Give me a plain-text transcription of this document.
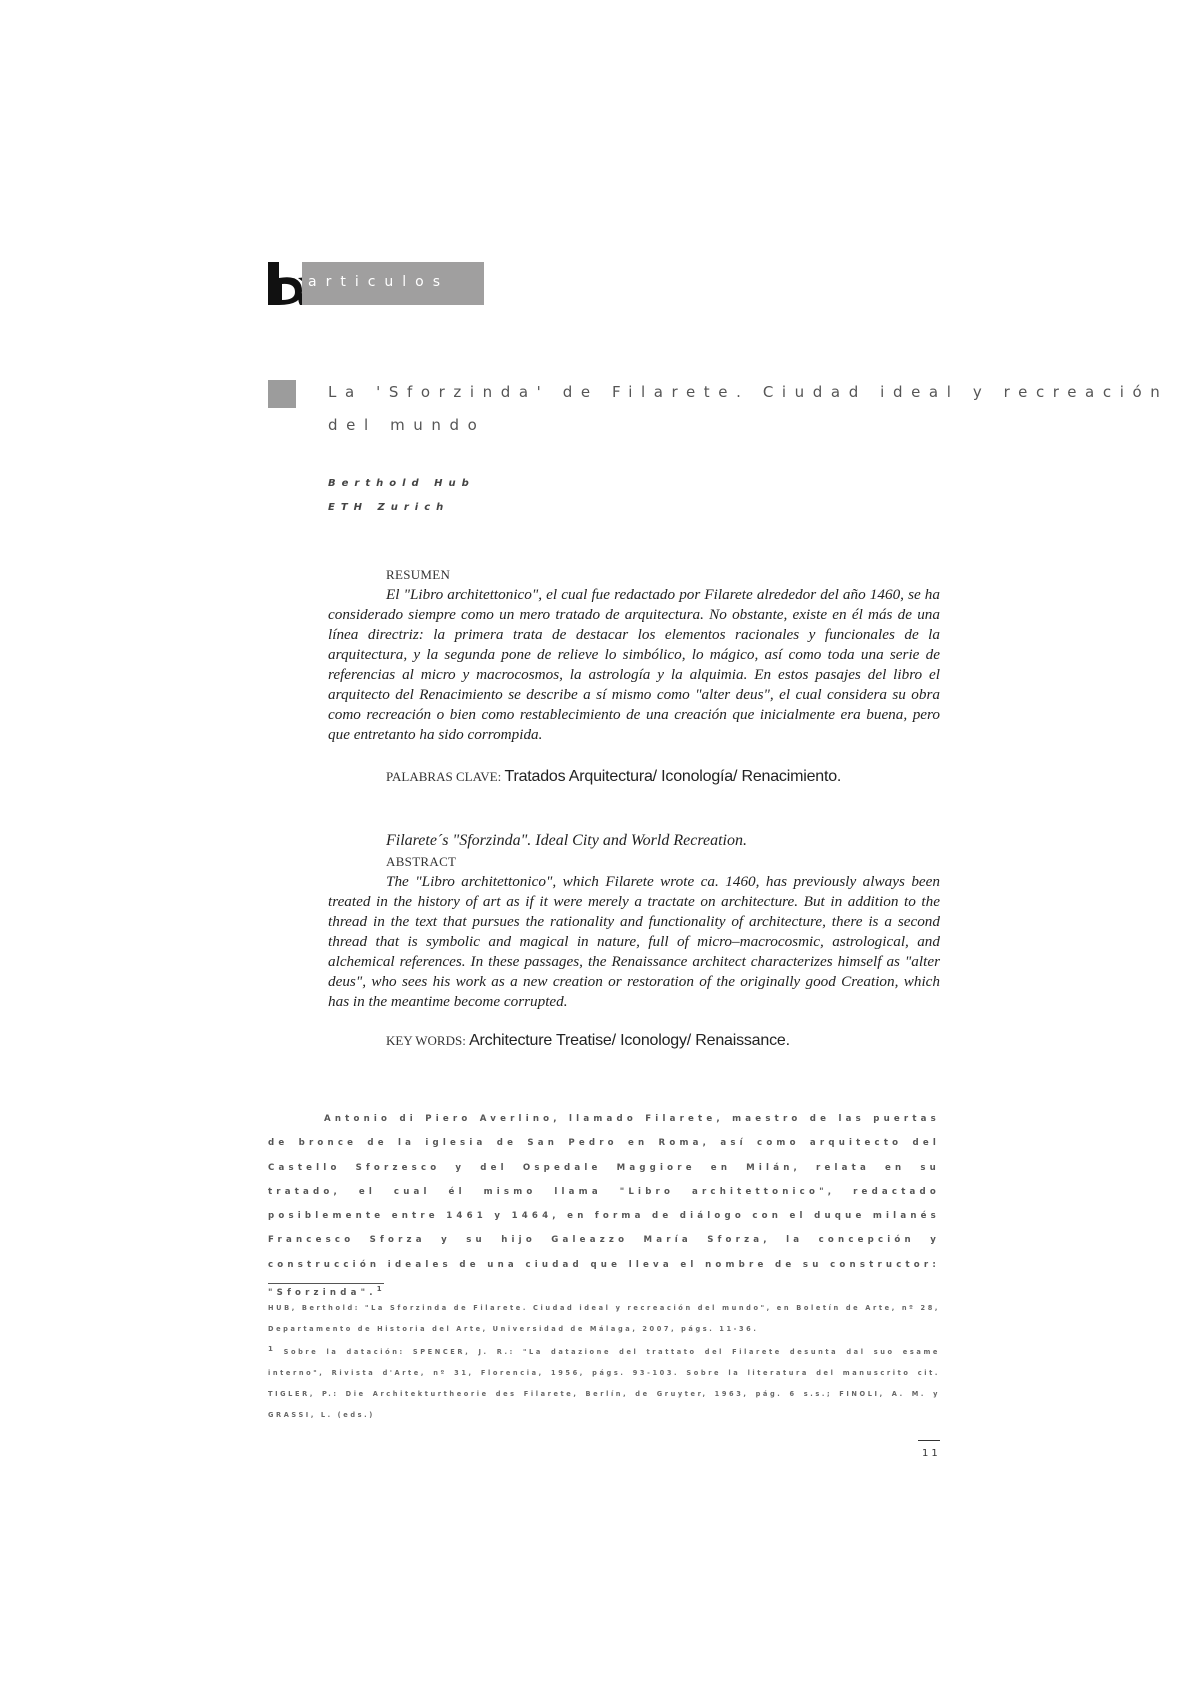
articulos
La 'Sforzinda' de Filarete. Ciudad ideal y recreación
del mundo
Berthold Hub
ETH Zurich
RESUMEN

El "Libro architettonico", el cual fue redactado por Filarete alrededor del año 1460, se ha considerado siempre como un mero tratado de arquitectura. No obstante, existe en él más de una línea directriz: la primera trata de destacar los elementos racionales y funcionales de la arquitectura, y la segunda pone de relieve lo simbólico, lo mágico, así como toda una serie de referencias al micro y macrocosmos, la astrología y la alquimia. En estos pasajes del libro el arquitecto del Renacimiento se describe a sí mismo como "alter deus", el cual considera su obra como recreación o bien como restablecimiento de una creación que inicialmente era buena, pero que entretanto ha sido corrompida.

PALABRAS CLAVE: Tratados Arquitectura/ Iconología/ Renacimiento.
Filarete´s "Sforzinda". Ideal City and World Recreation.
ABSTRACT

The "Libro architettonico", which Filarete wrote ca. 1460, has previously always been treated in the history of art as if it were merely a tractate on architecture. But in addition to the thread in the text that pursues the rationality and functionality of architecture, there is a second thread that is symbolic and magical in nature, full of micro–macrocosmic, astrological, and alchemical references. In these passages, the Renaissance architect characterizes himself as "alter deus", who sees his work as a new creation or restoration of the originally good Creation, which has in the meantime become corrupted.

KEY WORDS: Architecture Treatise/ Iconology/ Renaissance.

Antonio di Piero Averlino, llamado Filarete, maestro de las puertas de bronce de la iglesia de San Pedro en Roma, así como arquitecto del Castello Sforzesco y del Ospedale Maggiore en Milán, relata en su tratado, el cual él mismo llama "Libro architettonico", redactado posiblemente entre 1461 y 1464, en forma de diálogo con el duque milanés Francesco Sforza y su hijo Galeazzo María Sforza, la concepción y construcción ideales de una ciudad que lleva el nombre de su constructor: "Sforzinda".$^1$

HUB, Berthold: "La Sforzinda de Filarete. Ciudad ideal y recreación del mundo", en Boletín de Arte, nº 28, Departamento de Historia del Arte, Universidad de Málaga, 2007, págs. 11-36.
$^1$ Sobre la datación: SPENCER, J. R.: "La datazione del trattato del Filarete desunta dal suo esame interno", Rivista d'Arte, nº 31, Florencia, 1956, págs. 93-103. Sobre la literatura del manuscrito cit. TIGLER, P.: Die Architekturtheorie des Filarete, Berlín, de Gruyter, 1963, pág. 6 s.s.; FINOLI, A. M. y GRASSI, L. (eds.)
11
